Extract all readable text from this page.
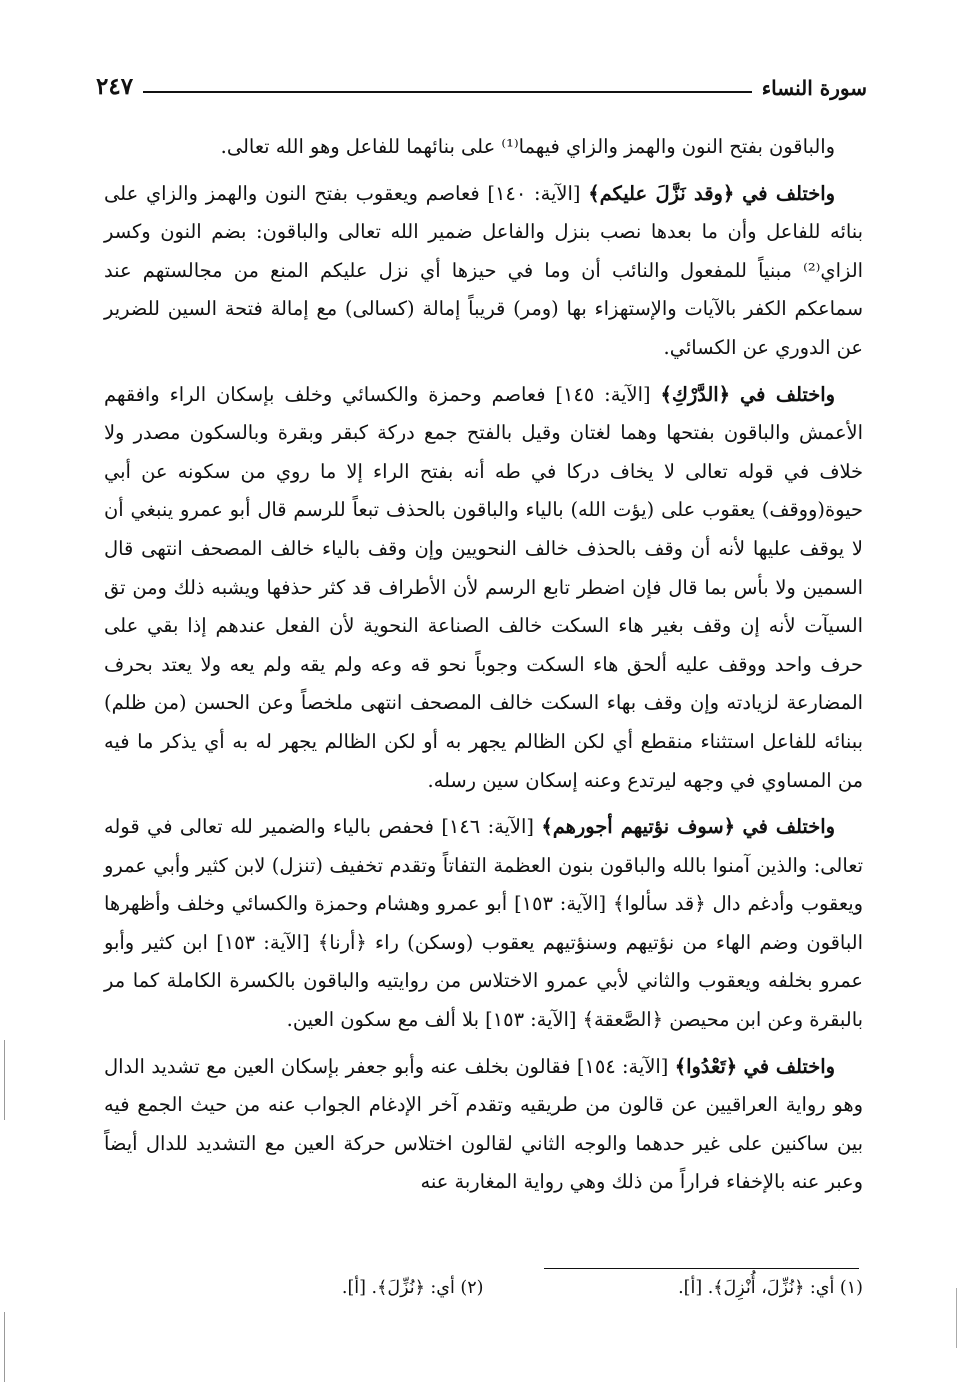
٢٤٧	سورة النساء

والباقون بفتح النون والهمز والزاي فيهما⁽¹⁾ على بنائهما للفاعل وهو الله تعالى.

واختلف في ﴿وقد نَزَّلَ عليكم﴾ [الآية: ١٤٠] فعاصم ويعقوب بفتح النون والهمز والزاي على بنائه للفاعل وأن ما بعدها نصب بنزل والفاعل ضمير الله تعالى والباقون: بضم النون وكسر الزاي⁽²⁾ مبنياً للمفعول والنائب أن وما في حيزها أي نزل عليكم المنع من مجالستهم عند سماعكم الكفر بالآيات والإستهزاء بها (ومر) قريباً إمالة (كسالى) مع إمالة فتحة السين للضرير عن الدوري عن الكسائي.

واختلف في ﴿الدَّرْكِ﴾ [الآية: ١٤٥] فعاصم وحمزة والكسائي وخلف بإسكان الراء وافقهم الأعمش والباقون بفتحها وهما لغتان وقيل بالفتح جمع دركة كبقر وبقرة وبالسكون مصدر ولا خلاف في قوله تعالى لا يخاف دركا في طه أنه بفتح الراء إلا ما روي من سكونه عن أبي حيوة(ووقف) يعقوب على (يؤت الله) بالياء والباقون بالحذف تبعاً للرسم قال أبو عمرو ينبغي أن لا يوقف عليها لأنه أن وقف بالحذف خالف النحويين وإن وقف بالياء خالف المصحف انتهى قال السمين ولا بأس بما قال فإن اضطر تابع الرسم لأن الأطراف قد كثر حذفها ويشبه ذلك ومن تق السيآت لأنه إن وقف بغير هاء السكت خالف الصناعة النحوية لأن الفعل عندهم إذا بقي على حرف واحد ووقف عليه ألحق هاء السكت وجوباً نحو قه وعه ولم يقه ولم يعه ولا يعتد بحرف المضارعة لزيادته وإن وقف بهاء السكت خالف المصحف انتهى ملخصاً وعن الحسن (من ظلم) ببنائه للفاعل استثناء منقطع أي لكن الظالم يجهر به أو لكن الظالم يجهر له به أي يذكر ما فيه من المساوي في وجهه ليرتدع وعنه إسكان سين رسله.

واختلف في ﴿سوف نؤتيهم أجورهم﴾ [الآية: ١٤٦] فحفص بالياء والضمير لله تعالى في قوله تعالى: والذين آمنوا بالله والباقون بنون العظمة التفاتاً وتقدم تخفيف (تنزل) لابن كثير وأبي عمرو ويعقوب وأدغم دال ﴿قد سألوا﴾ [الآية: ١٥٣] أبو عمرو وهشام وحمزة والكسائي وخلف وأظهرها الباقون وضم الهاء من نؤتيهم وسنؤتيهم يعقوب (وسكن) راء ﴿أرنا﴾ [الآية: ١٥٣] ابن كثير وأبو عمرو بخلفه ويعقوب والثاني لأبي عمرو الاختلاس من روايتيه والباقون بالكسرة الكاملة كما مر بالبقرة وعن ابن محيصن ﴿الصَّعقة﴾ [الآية: ١٥٣] بلا ألف مع سكون العين.

واختلف في ﴿تَعْدُوا﴾ [الآية: ١٥٤] فقالون بخلف عنه وأبو جعفر بإسكان العين مع تشديد الدال وهو رواية العراقيين عن قالون من طريقيه وتقدم آخر الإدغام الجواب عنه من حيث الجمع فيه بين ساكنين على غير حدهما والوجه الثاني لقالون اختلاس حركة العين مع التشديد للدال أيضاً وعبر عنه بالإخفاء فراراً من ذلك وهي رواية المغاربة عنه

(١) أي: ﴿نُزِّلَ، أُنْزِلَ﴾. [أ].
(٢) أي: ﴿نُزِّلَ﴾. [أ].
